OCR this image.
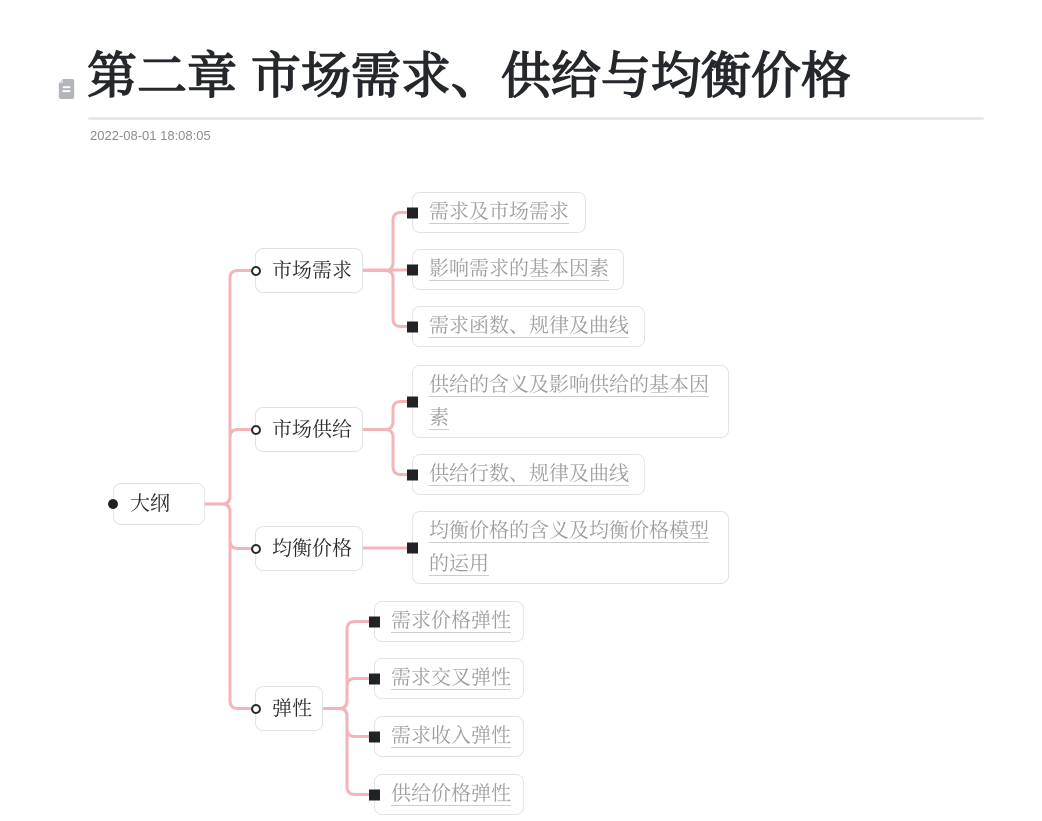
第二章 市场需求、供给与均衡价格
2022-08-01 18:08:05
大纲
市场需求
市场供给
均衡价格
弹性
需求及市场需求
影响需求的基本因素
需求函数、规律及曲线
供给的含义及影响供给的基本因素
供给行数、规律及曲线
均衡价格的含义及均衡价格模型的运用
需求价格弹性
需求交叉弹性
需求收入弹性
供给价格弹性
